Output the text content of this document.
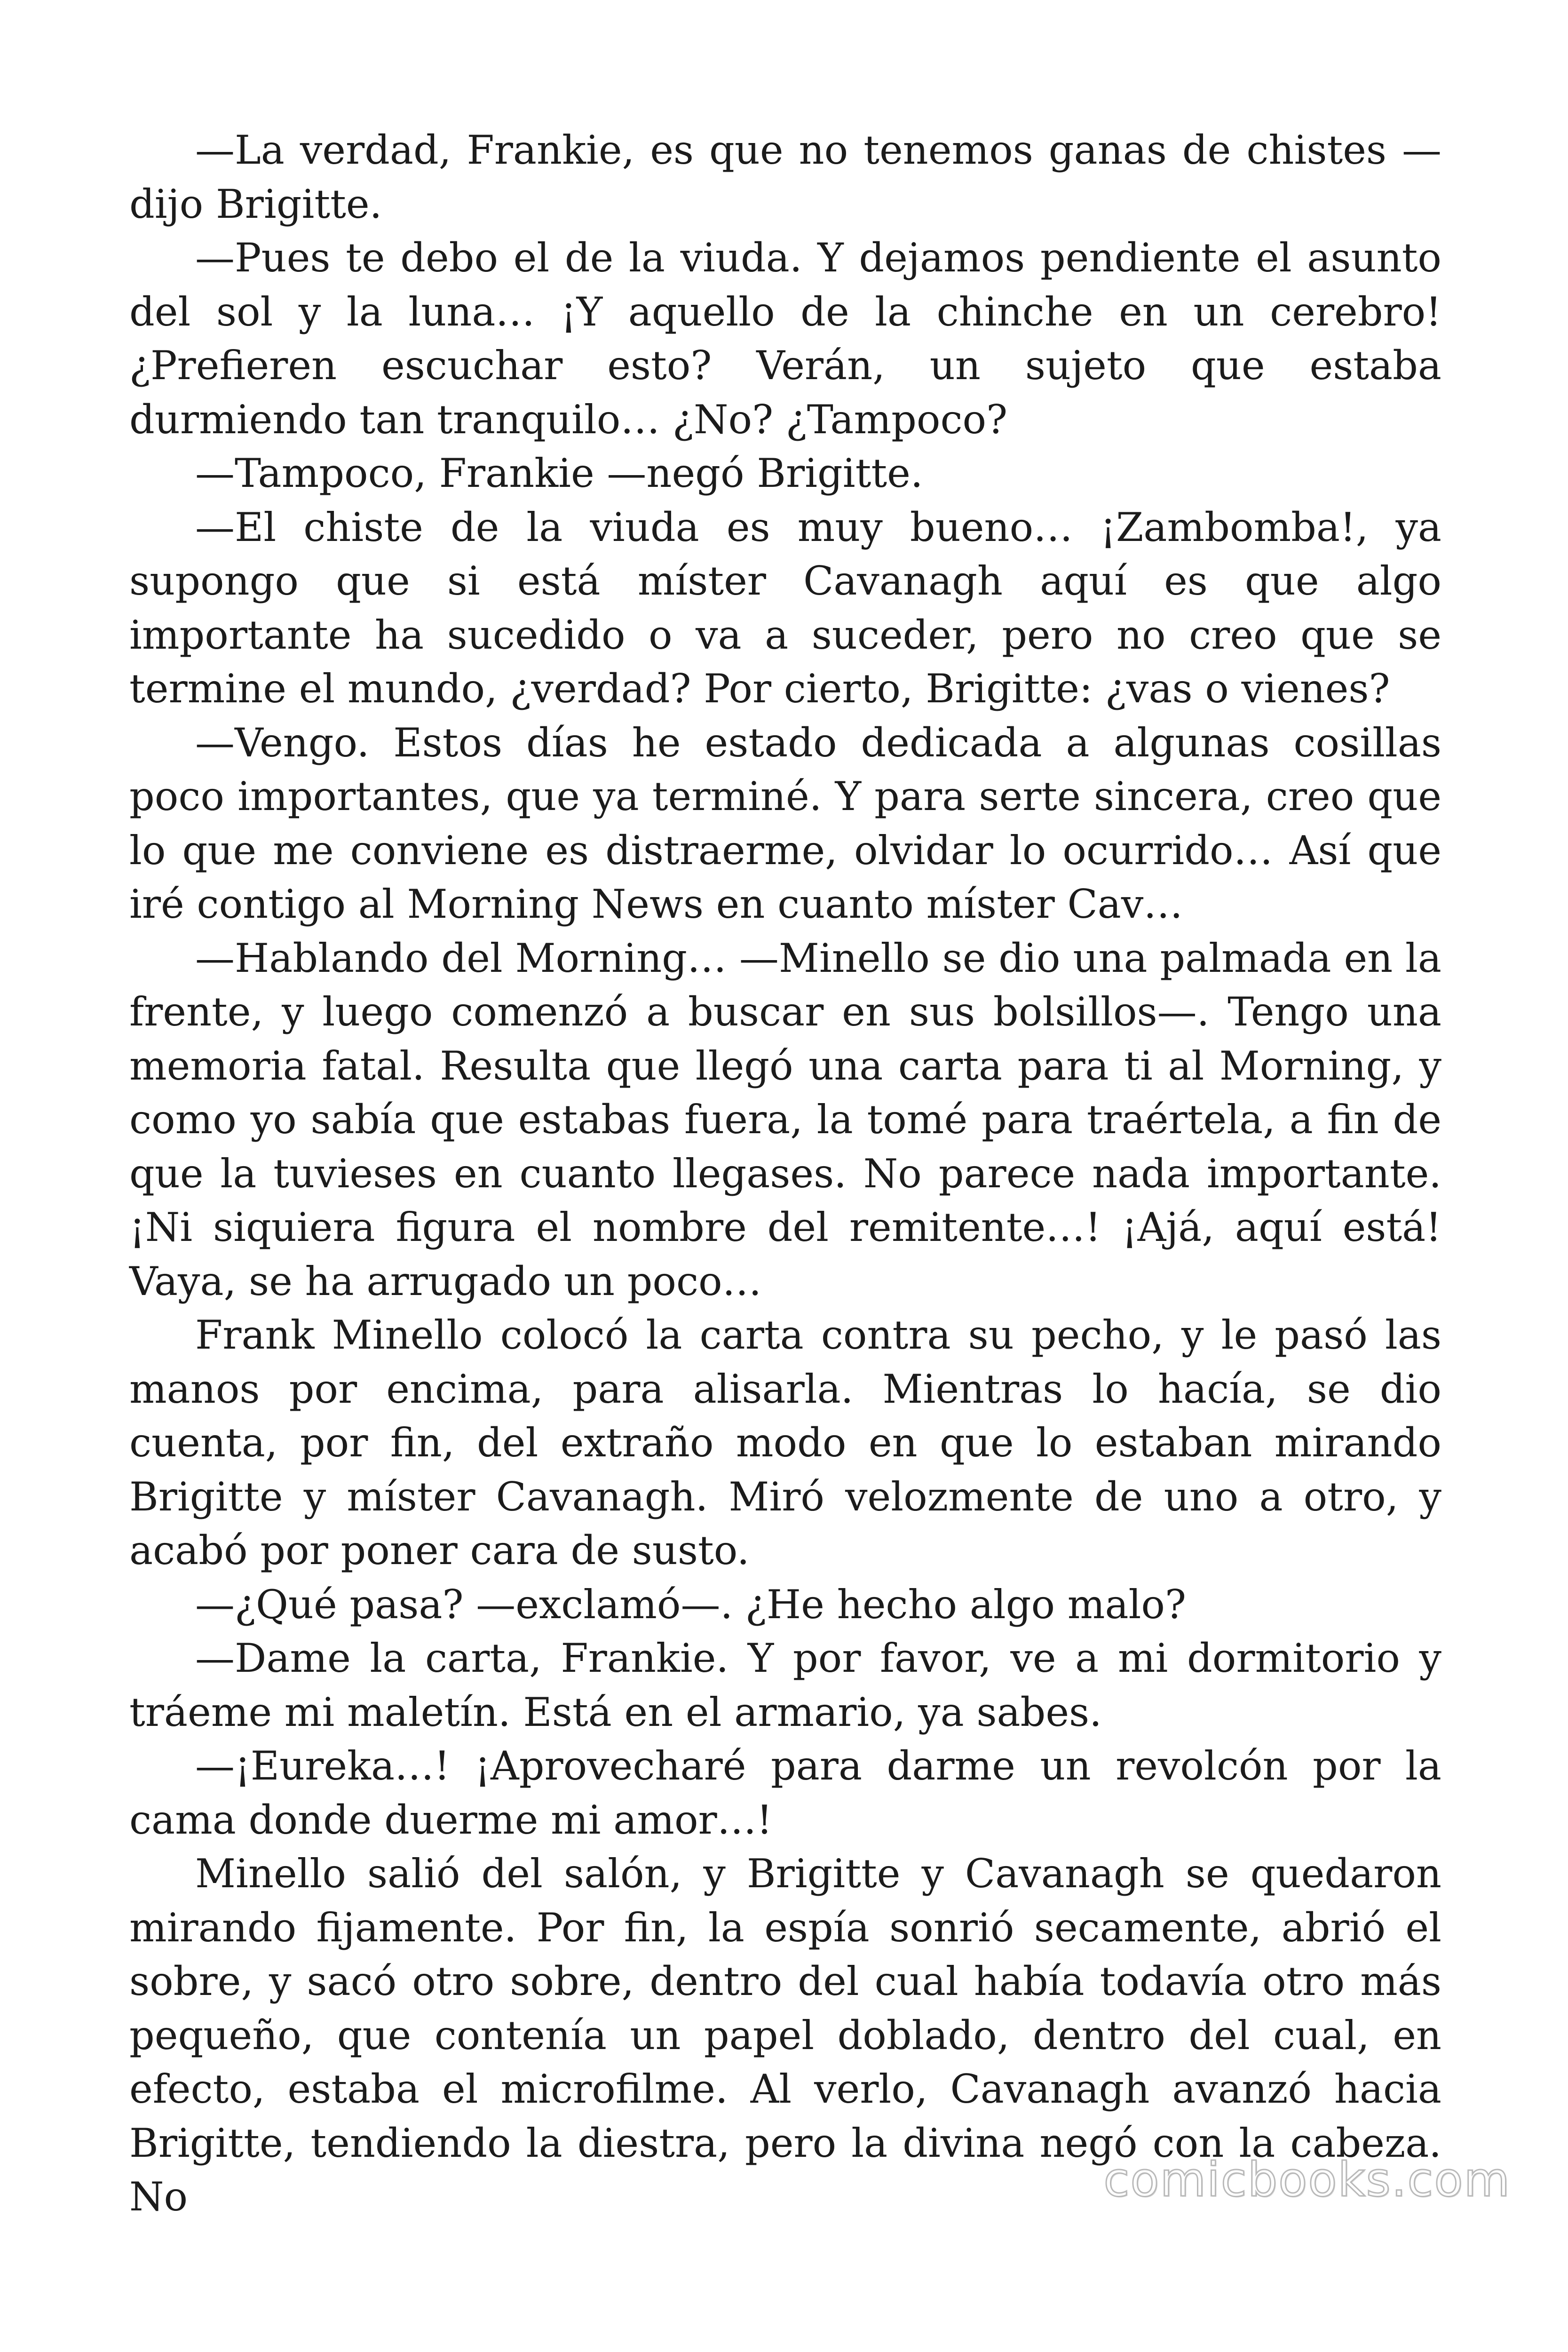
—La verdad, Frankie, es que no tenemos ganas de chistes —dijo Brigitte.

—Pues te debo el de la viuda. Y dejamos pendiente el asunto del sol y la luna… ¡Y aquello de la chinche en un cerebro! ¿Prefieren escuchar esto? Verán, un sujeto que estaba durmiendo tan tranquilo… ¿No? ¿Tampoco?

—Tampoco, Frankie —negó Brigitte.

—El chiste de la viuda es muy bueno… ¡Zambomba!, ya supongo que si está míster Cavanagh aquí es que algo importante ha sucedido o va a suceder, pero no creo que se termine el mundo, ¿verdad? Por cierto, Brigitte: ¿vas o vienes?

—Vengo. Estos días he estado dedicada a algunas cosillas poco importantes, que ya terminé. Y para serte sincera, creo que lo que me conviene es distraerme, olvidar lo ocurrido… Así que iré contigo al Morning News en cuanto míster Cav…

—Hablando del Morning… —Minello se dio una palmada en la frente, y luego comenzó a buscar en sus bolsillos—. Tengo una memoria fatal. Resulta que llegó una carta para ti al Morning, y como yo sabía que estabas fuera, la tomé para traértela, a fin de que la tuvieses en cuanto llegases. No parece nada importante. ¡Ni siquiera figura el nombre del remitente…! ¡Ajá, aquí está! Vaya, se ha arrugado un poco…

Frank Minello colocó la carta contra su pecho, y le pasó las manos por encima, para alisarla. Mientras lo hacía, se dio cuenta, por fin, del extraño modo en que lo estaban mirando Brigitte y míster Cavanagh. Miró velozmente de uno a otro, y acabó por poner cara de susto.

—¿Qué pasa? —exclamó—. ¿He hecho algo malo?

—Dame la carta, Frankie. Y por favor, ve a mi dormitorio y tráeme mi maletín. Está en el armario, ya sabes.

—¡Eureka…! ¡Aprovecharé para darme un revolcón por la cama donde duerme mi amor…!

Minello salió del salón, y Brigitte y Cavanagh se quedaron mirando fijamente. Por fin, la espía sonrió secamente, abrió el sobre, y sacó otro sobre, dentro del cual había todavía otro más pequeño, que contenía un papel doblado, dentro del cual, en efecto, estaba el microfilme. Al verlo, Cavanagh avanzó hacia Brigitte, tendiendo la diestra, pero la divina negó con la cabeza. No	comicbooks.com
